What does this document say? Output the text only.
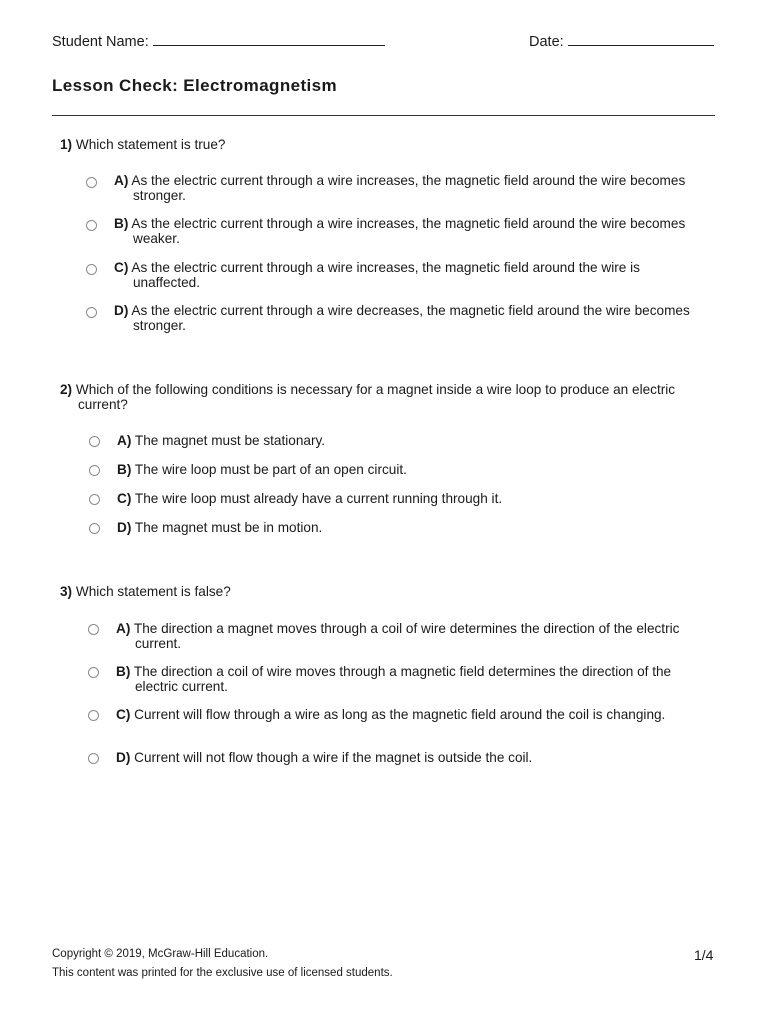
Student Name:	Date:
Lesson Check: Electromagnetism
1) Which statement is true?
A) As the electric current through a wire increases, the magnetic field around the wire becomes stronger.
B) As the electric current through a wire increases, the magnetic field around the wire becomes weaker.
C) As the electric current through a wire increases, the magnetic field around the wire is unaffected.
D) As the electric current through a wire decreases, the magnetic field around the wire becomes stronger.
2) Which of the following conditions is necessary for a magnet inside a wire loop to produce an electric current?
A) The magnet must be stationary.
B) The wire loop must be part of an open circuit.
C) The wire loop must already have a current running through it.
D) The magnet must be in motion.
3) Which statement is false?
A) The direction a magnet moves through a coil of wire determines the direction of the electric current.
B) The direction a coil of wire moves through a magnetic field determines the direction of the electric current.
C) Current will flow through a wire as long as the magnetic field around the coil is changing.
D) Current will not flow though a wire if the magnet is outside the coil.
Copyright © 2019, McGraw-Hill Education.
This content was printed for the exclusive use of licensed students.
1/4
